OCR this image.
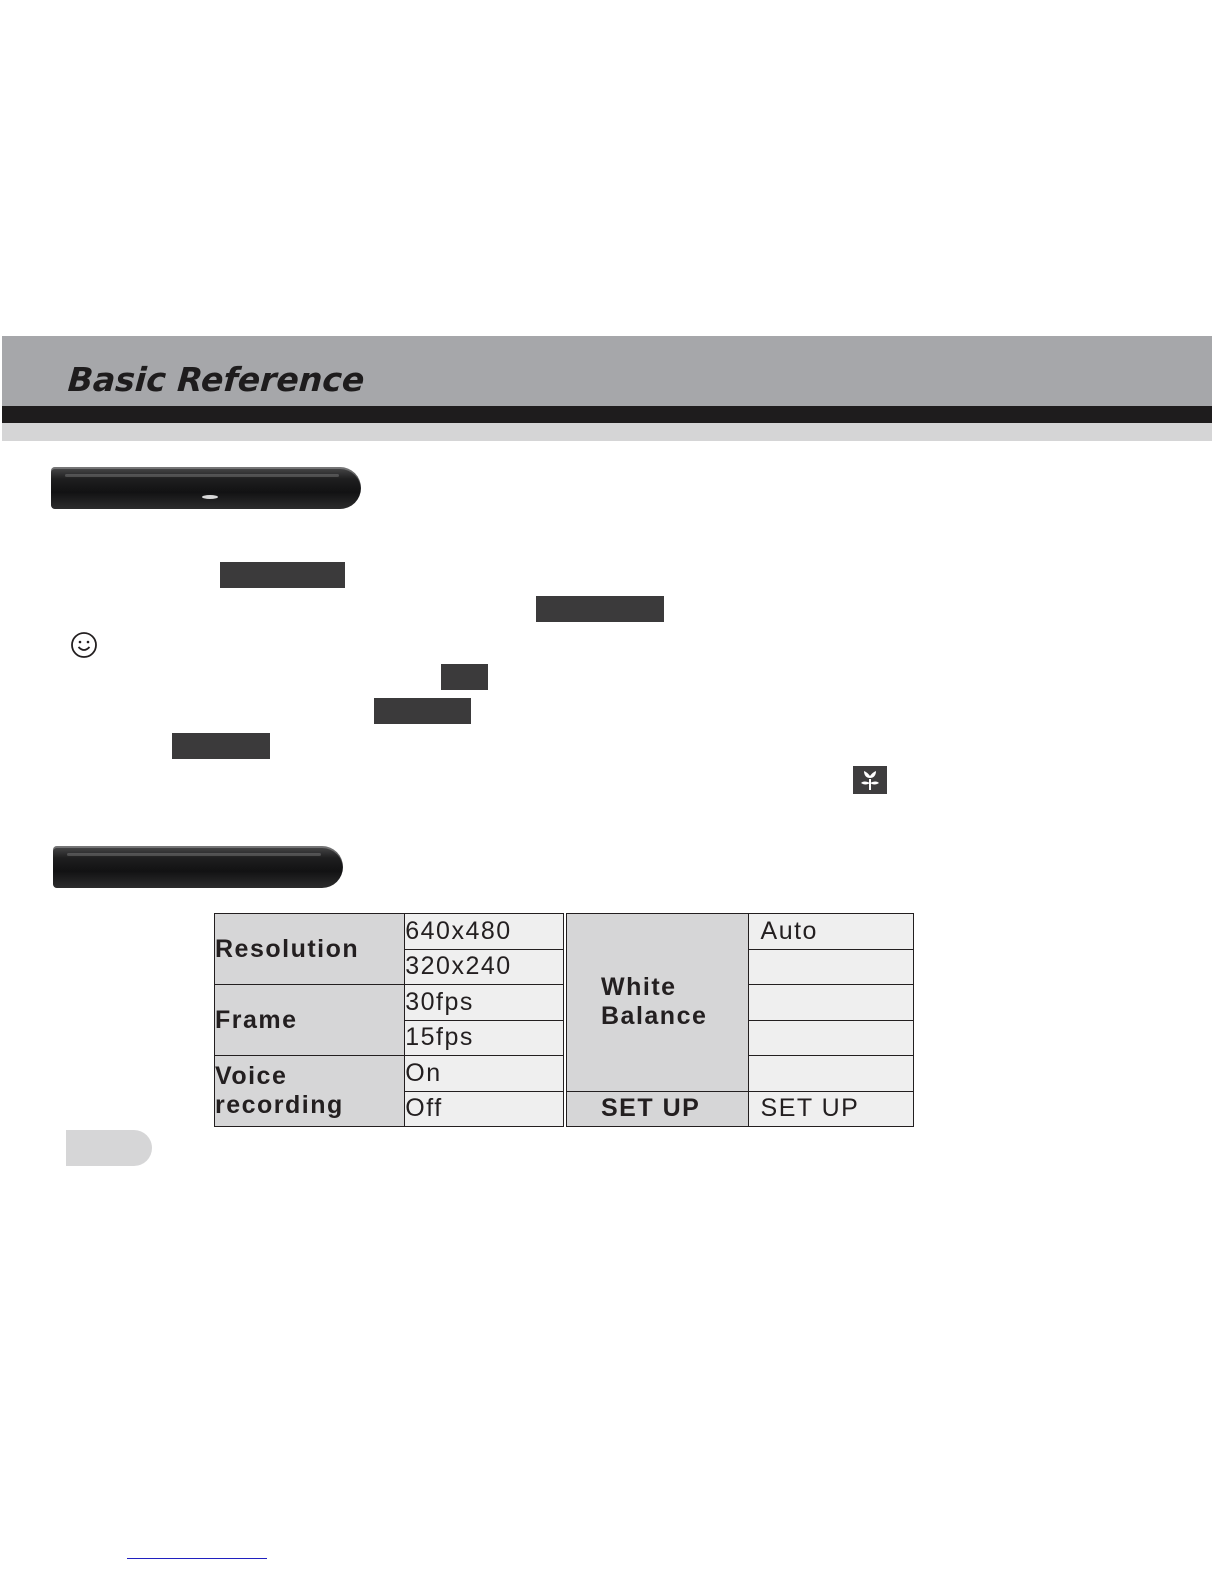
Basic Reference
Resolution	640x480
	320x240
Frame	30fps
	15fps

Voice
recording	On
	Off
White
Balance	Auto

SET UP	SET UP
